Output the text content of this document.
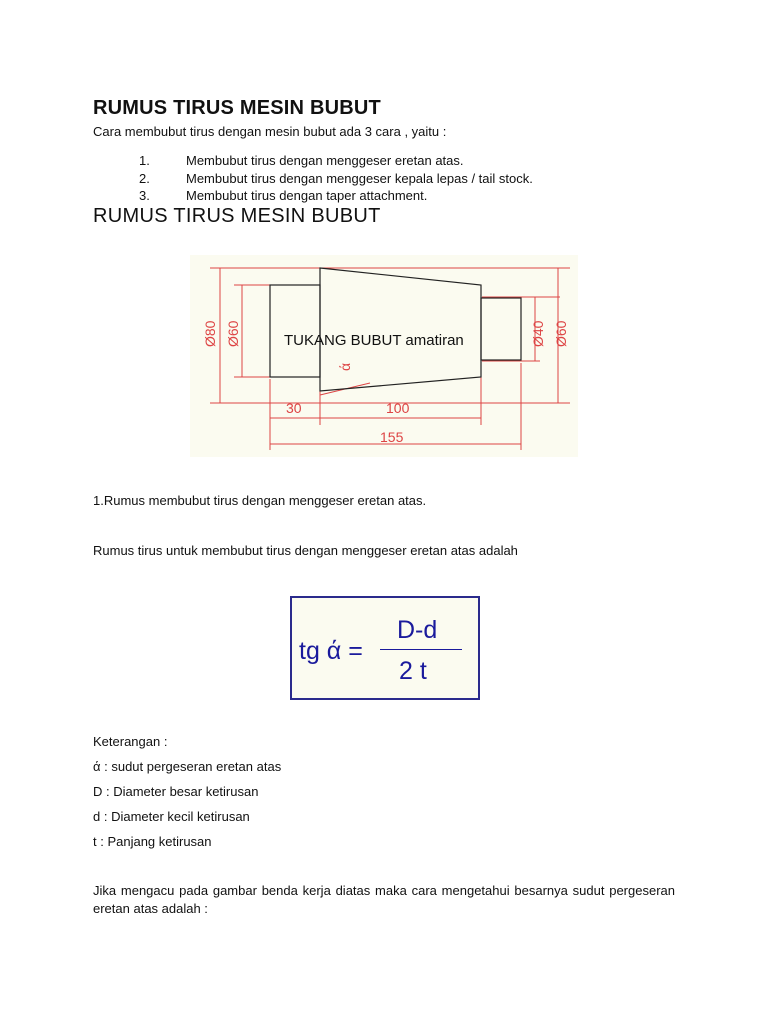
RUMUS TIRUS MESIN BUBUT
Cara membubut tirus dengan mesin bubut ada 3 cara , yaitu :
1.	Membubut tirus dengan menggeser eretan atas.
2.	Membubut tirus dengan menggeser kepala lepas / tail stock.
3.	Membubut tirus dengan taper attachment.
RUMUS TIRUS MESIN BUBUT
TUKANG BUBUT amatiran
Ø80 Ø60	Ø40 Ø60
ά
30	100
155
1.Rumus membubut tirus dengan menggeser eretan atas.
Rumus tirus untuk membubut tirus dengan menggeser eretan atas adalah
tg ά =
D-d
2 t
Keterangan :
ά : sudut pergeseran eretan atas
D : Diameter besar ketirusan
d : Diameter kecil ketirusan
t : Panjang ketirusan
Jika mengacu pada gambar benda kerja diatas maka cara mengetahui besarnya sudut pergeseran eretan atas adalah :
